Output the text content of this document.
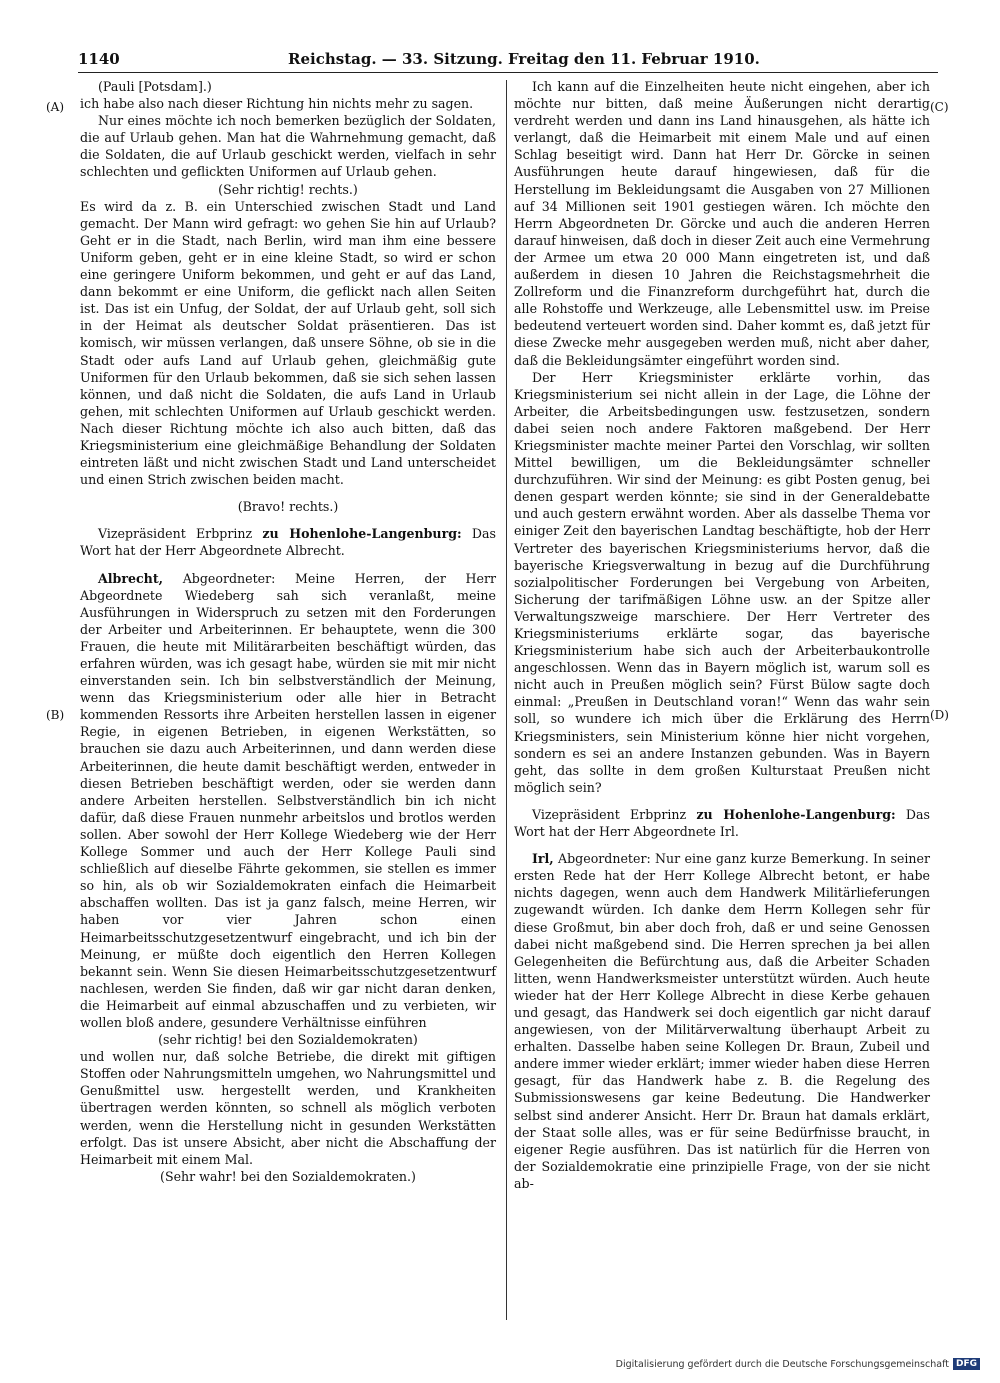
1140	Reichstag. — 33. Sitzung. Freitag den 11. Februar 1910.
(A)
(B)
(C)
(D)

(Pauli [Potsdam].)

ich habe also nach dieser Richtung hin nichts mehr zu sagen.

Nur eines möchte ich noch bemerken bezüglich der Soldaten, die auf Urlaub gehen. Man hat die Wahrnehmung gemacht, daß die Soldaten, die auf Urlaub geschickt werden, vielfach in sehr schlechten und geflickten Uniformen auf Urlaub gehen.

(Sehr richtig! rechts.)

Es wird da z. B. ein Unterschied zwischen Stadt und Land gemacht. Der Mann wird gefragt: wo gehen Sie hin auf Urlaub? Geht er in die Stadt, nach Berlin, wird man ihm eine bessere Uniform geben, geht er in eine kleine Stadt, so wird er schon eine geringere Uniform bekommen, und geht er auf das Land, dann bekommt er eine Uniform, die geflickt nach allen Seiten ist. Das ist ein Unfug, der Soldat, der auf Urlaub geht, soll sich in der Heimat als deutscher Soldat präsentieren. Das ist komisch, wir müssen verlangen, daß unsere Söhne, ob sie in die Stadt oder aufs Land auf Urlaub gehen, gleichmäßig gute Uniformen für den Urlaub bekommen, daß sie sich sehen lassen können, und daß nicht die Soldaten, die aufs Land in Urlaub gehen, mit schlechten Uniformen auf Urlaub geschickt werden. Nach dieser Richtung möchte ich also auch bitten, daß das Kriegsministerium eine gleichmäßige Behandlung der Soldaten eintreten läßt und nicht zwischen Stadt und Land unterscheidet und einen Strich zwischen beiden macht.

(Bravo! rechts.)

Vizepräsident Erbprinz zu Hohenlohe-Langenburg: Das Wort hat der Herr Abgeordnete Albrecht.

Albrecht, Abgeordneter: Meine Herren, der Herr Abgeordnete Wiedeberg sah sich veranlaßt, meine Ausführungen in Widerspruch zu setzen mit den Forderungen der Arbeiter und Arbeiterinnen. Er behauptete, wenn die 300 Frauen, die heute mit Militärarbeiten beschäftigt würden, das erfahren würden, was ich gesagt habe, würden sie mit mir nicht einverstanden sein. Ich bin selbstverständlich der Meinung, wenn das Kriegsministerium oder alle hier in Betracht kommenden Ressorts ihre Arbeiten herstellen lassen in eigener Regie, in eigenen Betrieben, in eigenen Werkstätten, so brauchen sie dazu auch Arbeiterinnen, und dann werden diese Arbeiterinnen, die heute damit beschäftigt werden, entweder in diesen Betrieben beschäftigt werden, oder sie werden dann andere Arbeiten herstellen. Selbstverständlich bin ich nicht dafür, daß diese Frauen nunmehr arbeitslos und brotlos werden sollen. Aber sowohl der Herr Kollege Wiedeberg wie der Herr Kollege Sommer und auch der Herr Kollege Pauli sind schließlich auf dieselbe Fährte gekommen, sie stellen es immer so hin, als ob wir Sozialdemokraten einfach die Heimarbeit abschaffen wollten. Das ist ja ganz falsch, meine Herren, wir haben vor vier Jahren schon einen Heimarbeitsschutzgesetzentwurf eingebracht, und ich bin der Meinung, er müßte doch eigentlich den Herren Kollegen bekannt sein. Wenn Sie diesen Heimarbeitsschutzgesetzentwurf nachlesen, werden Sie finden, daß wir gar nicht daran denken, die Heimarbeit auf einmal abzuschaffen und zu verbieten, wir wollen bloß andere, gesundere Verhältnisse einführen

(sehr richtig! bei den Sozialdemokraten)

und wollen nur, daß solche Betriebe, die direkt mit giftigen Stoffen oder Nahrungsmitteln umgehen, wo Nahrungsmittel und Genußmittel usw. hergestellt werden, und Krankheiten übertragen werden könnten, so schnell als möglich verboten werden, wenn die Herstellung nicht in gesunden Werkstätten erfolgt. Das ist unsere Absicht, aber nicht die Abschaffung der Heimarbeit mit einem Mal.

(Sehr wahr! bei den Sozialdemokraten.)

Ich kann auf die Einzelheiten heute nicht eingehen, aber ich möchte nur bitten, daß meine Äußerungen nicht derartig verdreht werden und dann ins Land hinausgehen, als hätte ich verlangt, daß die Heimarbeit mit einem Male und auf einen Schlag beseitigt wird. Dann hat Herr Dr. Görcke in seinen Ausführungen heute darauf hingewiesen, daß für die Herstellung im Bekleidungsamt die Ausgaben von 27 Millionen auf 34 Millionen seit 1901 gestiegen wären. Ich möchte den Herrn Abgeordneten Dr. Görcke und auch die anderen Herren darauf hinweisen, daß doch in dieser Zeit auch eine Vermehrung der Armee um etwa 20 000 Mann eingetreten ist, und daß außerdem in diesen 10 Jahren die Reichstagsmehrheit die Zollreform und die Finanzreform durchgeführt hat, durch die alle Rohstoffe und Werkzeuge, alle Lebensmittel usw. im Preise bedeutend verteuert worden sind. Daher kommt es, daß jetzt für diese Zwecke mehr ausgegeben werden muß, nicht aber daher, daß die Bekleidungsämter eingeführt worden sind.

Der Herr Kriegsminister erklärte vorhin, das Kriegsministerium sei nicht allein in der Lage, die Löhne der Arbeiter, die Arbeitsbedingungen usw. festzusetzen, sondern dabei seien noch andere Faktoren maßgebend. Der Herr Kriegsminister machte meiner Partei den Vorschlag, wir sollten Mittel bewilligen, um die Bekleidungsämter schneller durchzuführen. Wir sind der Meinung: es gibt Posten genug, bei denen gespart werden könnte; sie sind in der Generaldebatte und auch gestern erwähnt worden. Aber als dasselbe Thema vor einiger Zeit den bayerischen Landtag beschäftigte, hob der Herr Vertreter des bayerischen Kriegsministeriums hervor, daß die bayerische Kriegsverwaltung in bezug auf die Durchführung sozialpolitischer Forderungen bei Vergebung von Arbeiten, Sicherung der tarifmäßigen Löhne usw. an der Spitze aller Verwaltungszweige marschiere. Der Herr Vertreter des Kriegsministeriums erklärte sogar, das bayerische Kriegsministerium habe sich auch der Arbeiterbaukontrolle angeschlossen. Wenn das in Bayern möglich ist, warum soll es nicht auch in Preußen möglich sein? Fürst Bülow sagte doch einmal: „Preußen in Deutschland voran!“ Wenn das wahr sein soll, so wundere ich mich über die Erklärung des Herrn Kriegsministers, sein Ministerium könne hier nicht vorgehen, sondern es sei an andere Instanzen gebunden. Was in Bayern geht, das sollte in dem großen Kulturstaat Preußen nicht möglich sein?

Vizepräsident Erbprinz zu Hohenlohe-Langenburg: Das Wort hat der Herr Abgeordnete Irl.

Irl, Abgeordneter: Nur eine ganz kurze Bemerkung. In seiner ersten Rede hat der Herr Kollege Albrecht betont, er habe nichts dagegen, wenn auch dem Handwerk Militärlieferungen zugewandt würden. Ich danke dem Herrn Kollegen sehr für diese Großmut, bin aber doch froh, daß er und seine Genossen dabei nicht maßgebend sind. Die Herren sprechen ja bei allen Gelegenheiten die Befürchtung aus, daß die Arbeiter Schaden litten, wenn Handwerksmeister unterstützt würden. Auch heute wieder hat der Herr Kollege Albrecht in diese Kerbe gehauen und gesagt, das Handwerk sei doch eigentlich gar nicht darauf angewiesen, von der Militärverwaltung überhaupt Arbeit zu erhalten. Dasselbe haben seine Kollegen Dr. Braun, Zubeil und andere immer wieder erklärt; immer wieder haben diese Herren gesagt, für das Handwerk habe z. B. die Regelung des Submissionswesens gar keine Bedeutung. Die Handwerker selbst sind anderer Ansicht. Herr Dr. Braun hat damals erklärt, der Staat solle alles, was er für seine Bedürfnisse braucht, in eigener Regie ausführen. Das ist natürlich für die Herren von der Sozialdemokratie eine prinzipielle Frage, von der sie nicht ab-

Digitalisierung gefördert durch die Deutsche Forschungsgemeinschaft DFG
